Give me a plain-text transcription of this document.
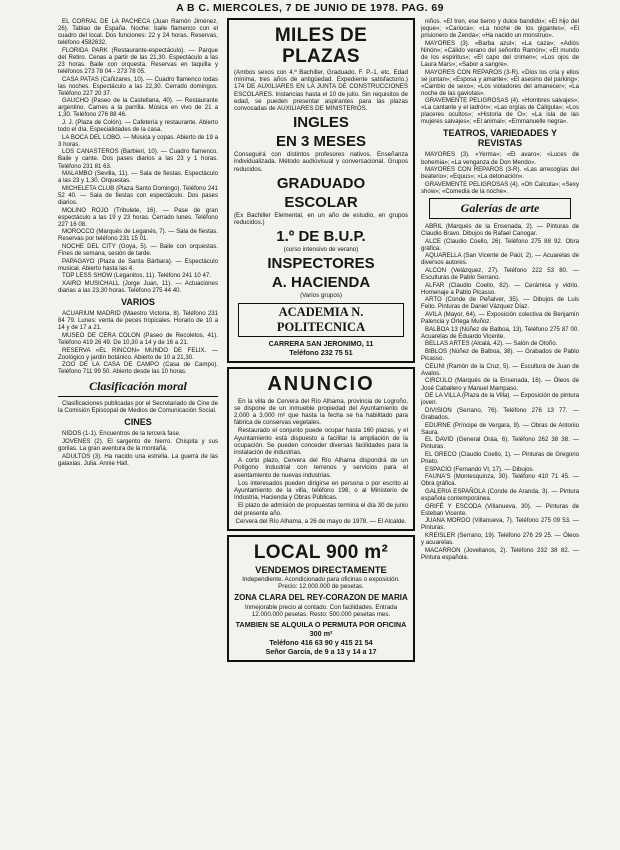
A B C. MIERCOLES, 7 DE JUNIO DE 1978. PAG. 69

EL CORRAL DE LA PACHECA (Juan Ramón Jiménez, 26). Tablao de España. Noche: baile flamenco con el cuadro del local. Dos funciones: 22 y 24 horas. Reservas, teléfono 4582632.

FLORIDA PARK (Restaurante-espectáculo). — Parque del Retiro. Cenas a partir de las 21,30. Espectáculo a las 23 horas. Baile con orquesta. Reservas en taquilla y teléfonos 273 78 04 - 273 78 05.

CASA PATAS (Cañizares, 10). — Cuadro flamenco todas las noches. Espectáculo a las 22,30. Cerrado domingos. Teléfono 227 20 37.

GAUCHO (Paseo de la Castellana, 40). — Restaurante argentino. Carnes a la parrilla. Música en vivo de 21 a 1,30. Teléfono 276 88 46.

J. J. (Plaza de Colón). — Cafetería y restaurante. Abierto todo el día. Especialidades de la casa.

LA BOCA DEL LOBO. — Música y copas. Abierto de 19 a 3 horas.

LOS CANASTEROS (Barbieri, 10). — Cuadro flamenco. Baile y cante. Dos pases diarios a las 23 y 1 horas. Teléfono 231 81 63.

MALAMBO (Sevilla, 11). — Sala de fiestas. Espectáculo a las 23 y 1,30. Orquestas.

MICHELETA CLUB (Plaza Santo Domingo). Teléfono 241 52 40. — Sala de fiestas con espectáculo. Dos pases diarios.

MOLINO ROJO (Tribulete, 16). — Pase de gran espectáculo a las 19 y 23 horas. Cerrado lunes. Teléfono 227 16 08.

MOROCCO (Marqués de Leganés, 7). — Sala de fiestas. Reservas por teléfono 231 15 01.

NOCHE DEL CITY (Goya, 5). — Baile con orquestas. Fines de semana, sesión de tarde.

PAPAGAYO (Plaza de Santa Bárbara). — Espectáculo musical. Abierto hasta las 4.

TOP LESS SHOW (Leganitos, 11). Teléfono 241 10 47.

XAIRO MUSICHALL (Jorge Juan, 11). — Actuaciones diarias a las 23,30 horas. Teléfono 275 44 40.

VARIOS

ACUARIUM MADRID (Maestro Victoria, 8). Teléfono 231 84 79. Lunes: venta de peces tropicales. Horario de 10 a 14 y de 17 a 21.

MUSEO DE CERA COLON (Paseo de Recoletos, 41). Teléfono 419 26 49. De 10,30 a 14 y de 16 a 21.

RESERVA «EL RINCON» MUNDO DE FELIX. — Zoológico y jardín botánico. Abierto de 10 a 21,30.

ZOO DE LA CASA DE CAMPO (Casa de Campo). Teléfono 711 99 50. Abierto desde las 10 horas.

Clasificación moral

Clasificaciones publicadas por el Secretariado de Cine de la Comisión Episcopal de Medios de Comunicación Social.

CINES

NIDOS (1-1). Encuentros de la tercera fase.

JOVENES (2). El sargento de hierro. Chispita y sus gorilas. La gran aventura de la montaña.

ADULTOS (3). Ha nacido una estrella. La guerra de las galaxias. Julia. Annie Hall.

MILES DE PLAZAS
(Ambos sexos con 4.º Bachiller, Graduado, F. P.-1, etc. Edad mínima, tres años de antigüedad. Expediente satisfactorio.) 174 DE AUXILIARES EN LA JUNTA DE CONSTRUCCIONES ESCOLARES. Instancias hasta el 10 de julio. Sin requisitos de edad, se pueden presentar aspirantes para las plazas convocadas de AUXILIARES DE MINISTERIOS.
INGLES
EN 3 MESES
Conseguirá con distintos profesores nativos. Enseñanza individualizada. Método audiovisual y conversacional. Grupos reducidos.
GRADUADO
ESCOLAR
(Ex Bachiller Elemental, en un año de estudio, en grupos reducidos.)
1.º DE B.U.P.
(curso intensivo de verano)
INSPECTORES
A. HACIENDA
(Varios grupos)
ACADEMIA N. POLITECNICA
CARRERA SAN JERONIMO, 11
Teléfono 232 75 51
ANUNCIO

En la villa de Cervera del Río Alhama, provincia de Logroño, se dispone de un inmueble propiedad del Ayuntamiento de 2.000 a 3.000 m² que hasta la fecha se ha habilitado para fábrica de conservas vegetales.

Restaurado el conjunto puede ocupar hasta 160 plazas, y el Ayuntamiento está dispuesto a facilitar la ampliación de la ocupación. Se pueden conceder diversas facilidades para la instalación de industrias.

A corto plazo, Cervera del Río Alhama dispondrá de un Polígono Industrial con terrenos y servicios para el asentamiento de nuevas industrias.

Los interesados pueden dirigirse en persona o por escrito al Ayuntamiento de la villa, teléfono 198, o al Ministerio de Industria, Hacienda y Obras Públicas.

El plazo de admisión de propuestas termina el día 30 de junio del presente año.

Cervera del Río Alhama, a 26 de mayo de 1978. — El Alcalde.

LOCAL 900 m²
VENDEMOS DIRECTAMENTE
Independiente. Acondicionado para oficinas o exposición. Precio: 12.000.000 de pesetas.
ZONA CLARA DEL REY-CORAZON DE MARIA
Inmejorable precio al contado. Con facilidades. Entrada 12.000.000 pesetas. Resto: 500.000 pesetas mes.
TAMBIEN SE ALQUILA O PERMUTA POR OFICINA 300 m²
Teléfono 416 63 90 y 415 21 54
Señor García, de 9 a 13 y 14 a 17

niños. «El tren, ese tierno y dulce bandido»; «El hijo del jeque»; «Carioca»; «La noche de los gigantes»; «El prisionero de Zenda»; «Ha nacido un monstruo».

MAYORES (3). «Barba azul»; «La caza»; «Adiós Ninón»; «Cálido verano del señorito Ramón»; «El mundo de los espíritus»; «El capo del crimen»; «Los ojos de Laura Mars»; «Sabor a sangre».

MAYORES CON REPAROS (3-R). «Dios los cría y ellos se juntan»; «Esposa y amante»; «El asesino del parking»; «Cambio de sexo»; «Los violadores del amanecer»; «La noche de las gaviotas».

GRAVEMENTE PELIGROSAS (4). «Hombres salvajes»; «La cantante y el ladrón»; «Las orgías de Calígula»; «Los placeres ocultos»; «Historia de O»; «La isla de las mujeres salvajes»; «El animal»; «Emmanuelle negra».

TEATROS, VARIEDADES Y REVISTAS

MAYORES (3). «Yerma»; «El avaro»; «Luces de bohemia»; «La venganza de Don Mendo».

MAYORES CON REPAROS (3-R). «Las arrecogías del beaterio»; «Equus»; «La detonación».

GRAVEMENTE PELIGROSAS (4). «Oh Calcuta»; «Sexy show»; «Comedia de la noche».

Galerías de arte

ABRIL (Marqués de la Ensenada, 2). — Pinturas de Claudio Bravo. Dibujos de Rafael Canogar.

ALCE (Claudio Coello, 26). Teléfono 275 88 92. Obra gráfica.

AQUARELLA (San Vicente de Paúl, 2). — Acuarelas de diversos autores.

ALCON (Velázquez, 27). Teléfono 222 53 80. — Esculturas de Pablo Serrano.

ALFAR (Claudio Coello, 82). — Cerámica y vidrio. Homenaje a Pablo Picasso.

ARTO (Conde de Peñalver, 35). — Dibujos de Luis Feito. Pinturas de Daniel Vázquez Díaz.

AVILA (Mayor, 64). — Exposición colectiva de Benjamín Palencia y Ortega Muñoz.

BALBOA 13 (Núñez de Balboa, 13). Teléfono 275 87 00. Acuarelas de Eduardo Vicente.

BELLAS ARTES (Alcalá, 42). — Salón de Otoño.

BIBLOS (Núñez de Balboa, 38). — Grabados de Pablo Picasso.

CELINI (Ramón de la Cruz, 5). — Escultura de Juan de Avalos.

CIRCULO (Marqués de la Ensenada, 16). — Óleos de José Caballero y Manuel Mampaso.

DE LA VILLA (Plaza de la Villa). — Exposición de pintura joven.

DIVISION (Serrano, 76). Teléfono 276 13 77. — Grabados.

EDURNE (Príncipe de Vergara, 9). — Obras de Antonio Saura.

EL DAVID (General Oráa, 6). Teléfono 262 38 38. — Pinturas.

EL GRECO (Claudio Coello, 1). — Pinturas de Gregorio Prieto.

ESPACIO (Fernando VI, 17). — Dibujos.

FAUNA'S (Montesquinza, 30). Teléfono 410 71 45. — Obra gráfica.

GALERIA ESPAÑOLA (Conde de Aranda, 3). — Pintura española contemporánea.

GRIFÉ Y ESCODA (Villanueva, 30). — Pinturas de Esteban Vicente.

JUANA MORDO (Villanueva, 7). Teléfono 275 09 53. — Pinturas.

KREISLER (Serrano, 19). Teléfono 276 29 25. — Óleos y acuarelas.

MACARRON (Jovellanos, 2). Teléfono 232 38 82. — Pintura española.
